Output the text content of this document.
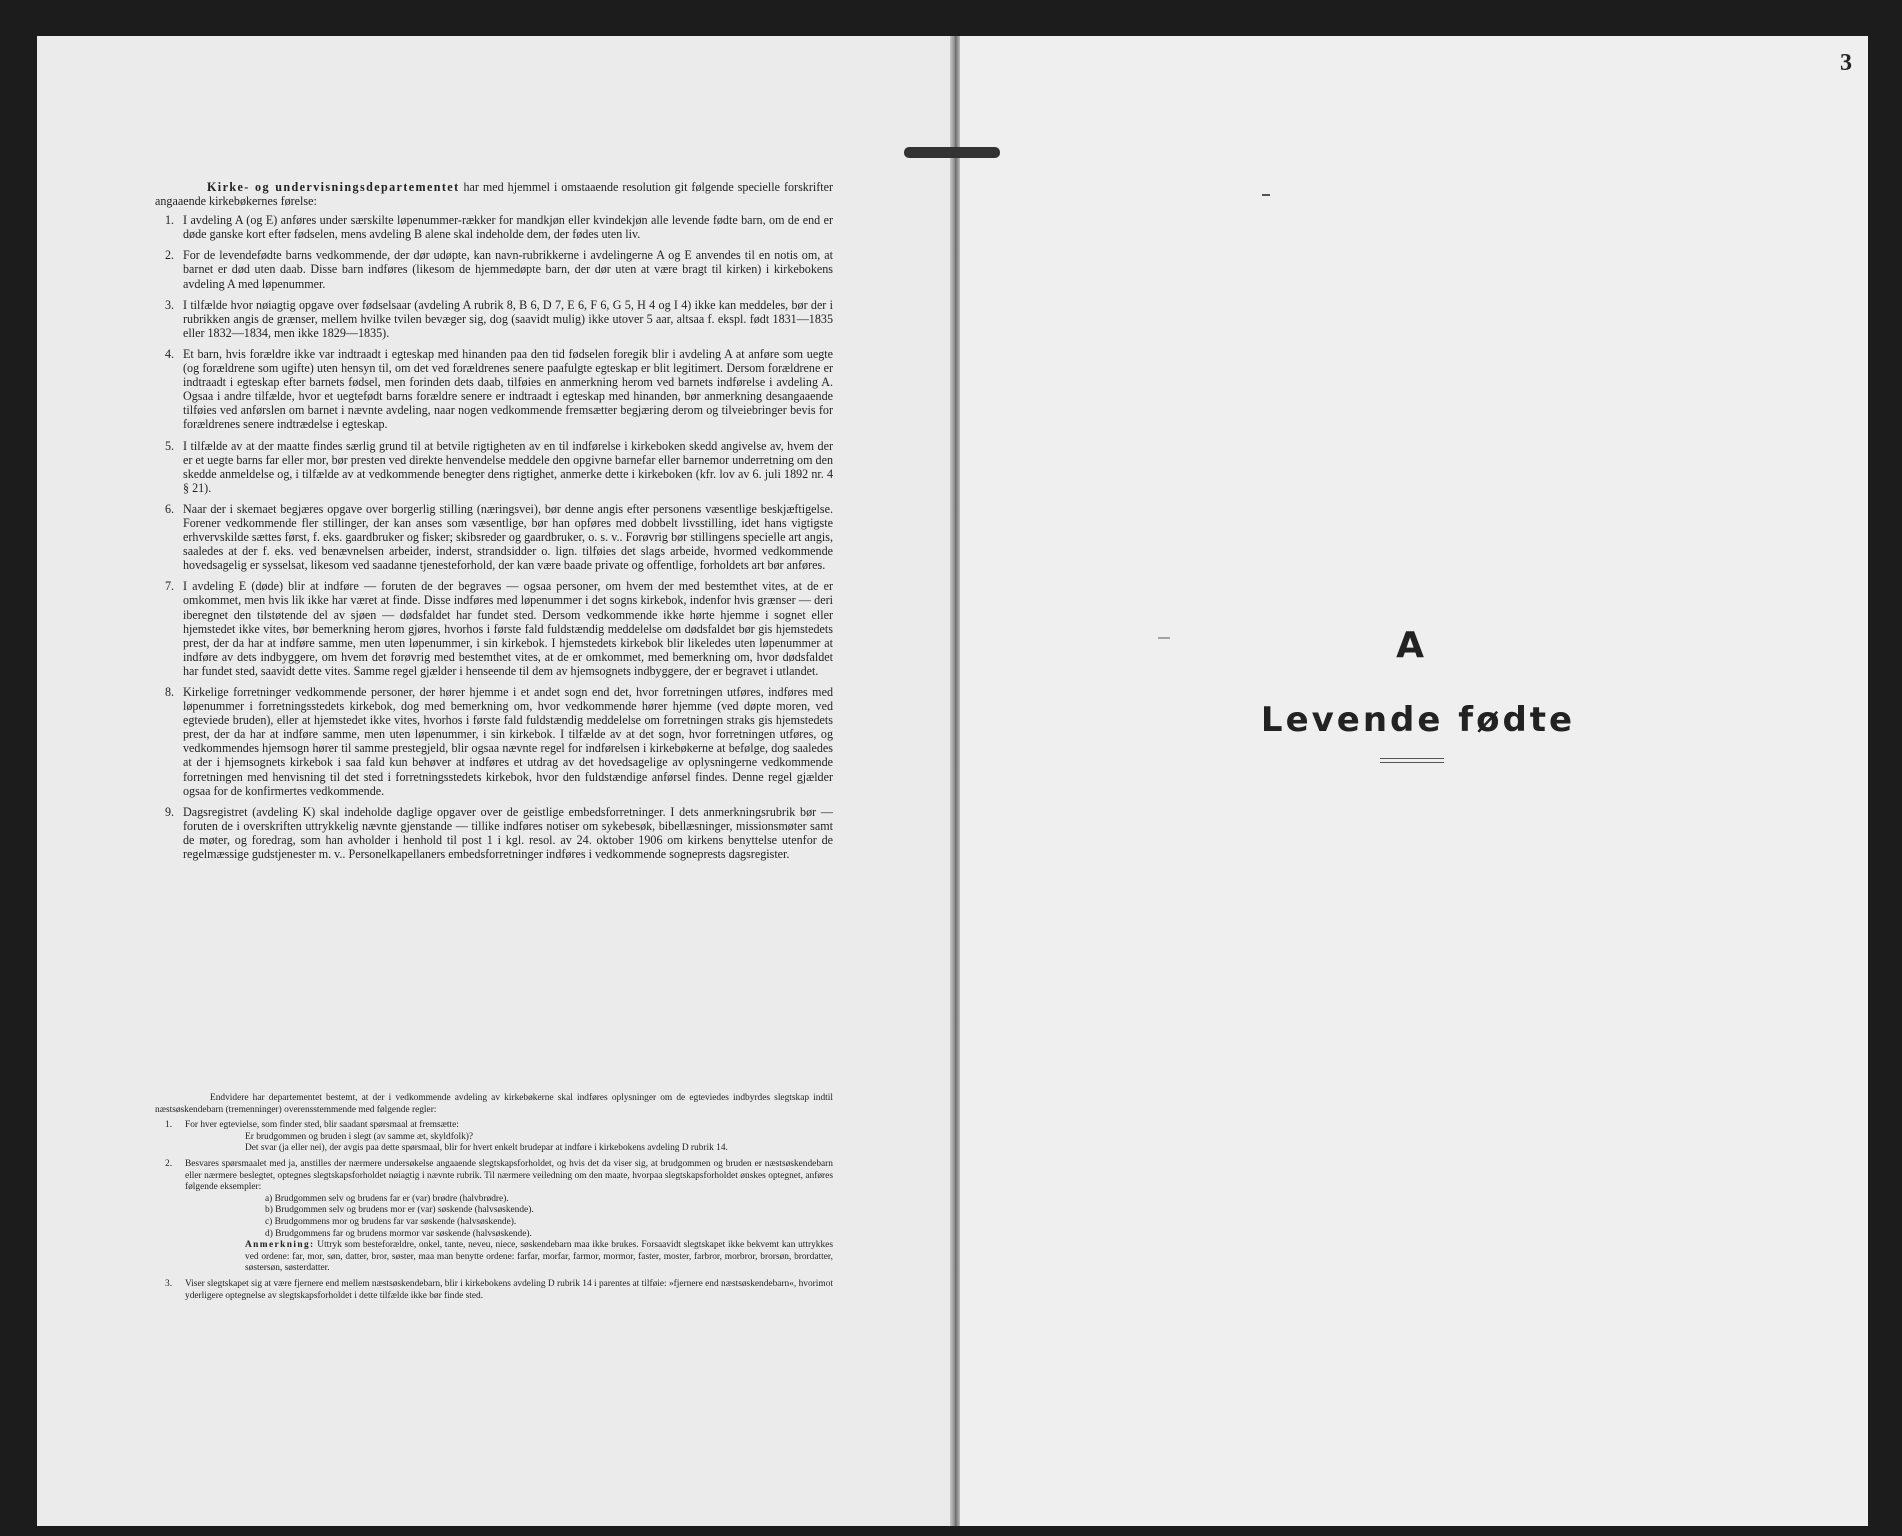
3

Kirke- og undervisningsdepartementet har med hjemmel i omstaaende resolution git følgende specielle forskrifter angaaende kirkebøkernes førelse:

1. I avdeling A (og E) anføres under særskilte løpenummer-rækker for mandkjøn eller kvindekjøn alle levende fødte barn, om de end er døde ganske kort efter fødselen, mens avdeling B alene skal indeholde dem, der fødes uten liv.
2. For de levendefødte barns vedkommende, der dør udøpte, kan navn-rubrikkerne i avdelingerne A og E anvendes til en notis om, at barnet er død uten daab. Disse barn indføres (likesom de hjemmedøpte barn, der dør uten at være bragt til kirken) i kirkebokens avdeling A med løpenummer.
3. I tilfælde hvor nøiagtig opgave over fødselsaar (avdeling A rubrik 8, B 6, D 7, E 6, F 6, G 5, H 4 og I 4) ikke kan meddeles, bør der i rubrikken angis de grænser, mellem hvilke tvilen bevæger sig, dog (saavidt mulig) ikke utover 5 aar, altsaa f. ekspl. født 1831—1835 eller 1832—1834, men ikke 1829—1835).
4. Et barn, hvis forældre ikke var indtraadt i egteskap med hinanden paa den tid fødselen foregik blir i avdeling A at anføre som uegte (og forældrene som ugifte) uten hensyn til, om det ved forældrenes senere paafulgte egteskap er blit legitimert. Dersom forældrene er indtraadt i egteskap efter barnets fødsel, men forinden dets daab, tilføies en anmerkning herom ved barnets indførelse i avdeling A. Ogsaa i andre tilfælde, hvor et uegtefødt barns forældre senere er indtraadt i egteskap med hinanden, bør anmerkning desangaaende tilføies ved anførslen om barnet i nævnte avdeling, naar nogen vedkommende fremsætter begjæring derom og tilveiebringer bevis for forældrenes senere indtrædelse i egteskap.
5. I tilfælde av at der maatte findes særlig grund til at betvile rigtigheten av en til indførelse i kirkeboken skedd angivelse av, hvem der er et uegte barns far eller mor, bør presten ved direkte henvendelse meddele den opgivne barnefar eller barnemor underretning om den skedde anmeldelse og, i tilfælde av at vedkommende benegter dens rigtighet, anmerke dette i kirkeboken (kfr. lov av 6. juli 1892 nr. 4 § 21).
6. Naar der i skemaet begjæres opgave over borgerlig stilling (næringsvei), bør denne angis efter personens væsentlige beskjæftigelse. Forener vedkommende fler stillinger, der kan anses som væsentlige, bør han opføres med dobbelt livsstilling, idet hans vigtigste erhvervskilde sættes først, f. eks. gaardbruker og fisker; skibsreder og gaardbruker, o. s. v.. Forøvrig bør stillingens specielle art angis, saaledes at der f. eks. ved benævnelsen arbeider, inderst, strandsidder o. lign. tilføies det slags arbeide, hvormed vedkommende hovedsagelig er sysselsat, likesom ved saadanne tjenesteforhold, der kan være baade private og offentlige, forholdets art bør anføres.
7. I avdeling E (døde) blir at indføre — foruten de der begraves — ogsaa personer, om hvem der med bestemthet vites, at de er omkommet, men hvis lik ikke har været at finde. Disse indføres med løpenummer i det sogns kirkebok, indenfor hvis grænser — deri iberegnet den tilstøtende del av sjøen — dødsfaldet har fundet sted. Dersom vedkommende ikke hørte hjemme i sognet eller hjemstedet ikke vites, bør bemerkning herom gjøres, hvorhos i første fald fuldstændig meddelelse om dødsfaldet bør gis hjemstedets prest, der da har at indføre samme, men uten løpenummer, i sin kirkebok. I hjemstedets kirkebok blir likeledes uten løpenummer at indføre av dets indbyggere, om hvem det forøvrig med bestemthet vites, at de er omkommet, med bemerkning om, hvor dødsfaldet har fundet sted, saavidt dette vites. Samme regel gjælder i henseende til dem av hjemsognets indbyggere, der er begravet i utlandet.
8. Kirkelige forretninger vedkommende personer, der hører hjemme i et andet sogn end det, hvor forretningen utføres, indføres med løpenummer i forretningsstedets kirkebok, dog med bemerkning om, hvor vedkommende hører hjemme (ved døpte moren, ved egteviede bruden), eller at hjemstedet ikke vites, hvorhos i første fald fuldstændig meddelelse om forretningen straks gis hjemstedets prest, der da har at indføre samme, men uten løpenummer, i sin kirkebok. I tilfælde av at det sogn, hvor forretningen utføres, og vedkommendes hjemsogn hører til samme prestegjeld, blir ogsaa nævnte regel for indførelsen i kirkebøkerne at befølge, dog saaledes at der i hjemsognets kirkebok i saa fald kun behøver at indføres et utdrag av det hovedsagelige av oplysningerne vedkommende forretningen med henvisning til det sted i forretningsstedets kirkebok, hvor den fuldstændige anførsel findes. Denne regel gjælder ogsaa for de konfirmertes vedkommende.
9. Dagsregistret (avdeling K) skal indeholde daglige opgaver over de geistlige embedsforretninger. I dets anmerkningsrubrik bør — foruten de i overskriften uttrykkelig nævnte gjenstande — tillike indføres notiser om sykebesøk, bibellæsninger, missionsmøter samt de møter, og foredrag, som han avholder i henhold til post 1 i kgl. resol. av 24. oktober 1906 om kirkens benyttelse utenfor de regelmæssige gudstjenester m. v.. Personelkapellaners embedsforretninger indføres i vedkommende sogneprests dagsregister.

Endvidere har departementet bestemt, at der i vedkommende avdeling av kirkebøkerne skal indføres oplysninger om de egteviedes indbyrdes slegtskap indtil næstsøskendebarn (tremenninger) overensstemmende med følgende regler:

1.	For hver egtevielse, som finder sted, blir saadant spørsmaal at fremsætte:
Er brudgommen og bruden i slegt (av samme æt, skyldfolk)?
Det svar (ja eller nei), der avgis paa dette spørsmaal, blir for hvert enkelt brudepar at indføre i kirkebokens avdeling D rubrik 14.
2.	Besvares spørsmaalet med ja, anstilles der nærmere undersøkelse angaaende slegtskapsforholdet, og hvis det da viser sig, at brudgommen og bruden er næstsøskendebarn eller nærmere beslegtet, optegnes slegtskapsforholdet nøiagtig i nævnte rubrik. Til nærmere veiledning om den maate, hvorpaa slegtskapsforholdet ønskes optegnet, anføres følgende eksempler:
a) Brudgommen selv og brudens far er (var) brødre (halvbrødre).
b) Brudgommen selv og brudens mor er (var) søskende (halvsøskende).
c) Brudgommens mor og brudens far var søskende (halvsøskende).
d) Brudgommens far og brudens mormor var søskende (halvsøskende).
Anmerkning: Uttryk som besteforældre, onkel, tante, neveu, niece, søskendebarn maa ikke brukes. Forsaavidt slegtskapet ikke bekvemt kan uttrykkes ved ordene: far, mor, søn, datter, bror, søster, maa man benytte ordene: farfar, morfar, farmor, mormor, faster, moster, farbror, morbror, brorsøn, brordatter, søstersøn, søsterdatter.
3.	Viser slegtskapet sig at være fjernere end mellem næstsøskendebarn, blir i kirkebokens avdeling D rubrik 14 i parentes at tilføie: »fjernere end næstsøskendebarn«, hvorimot yderligere optegnelse av slegtskapsforholdet i dette tilfælde ikke bør finde sted.
A
Levende fødte
